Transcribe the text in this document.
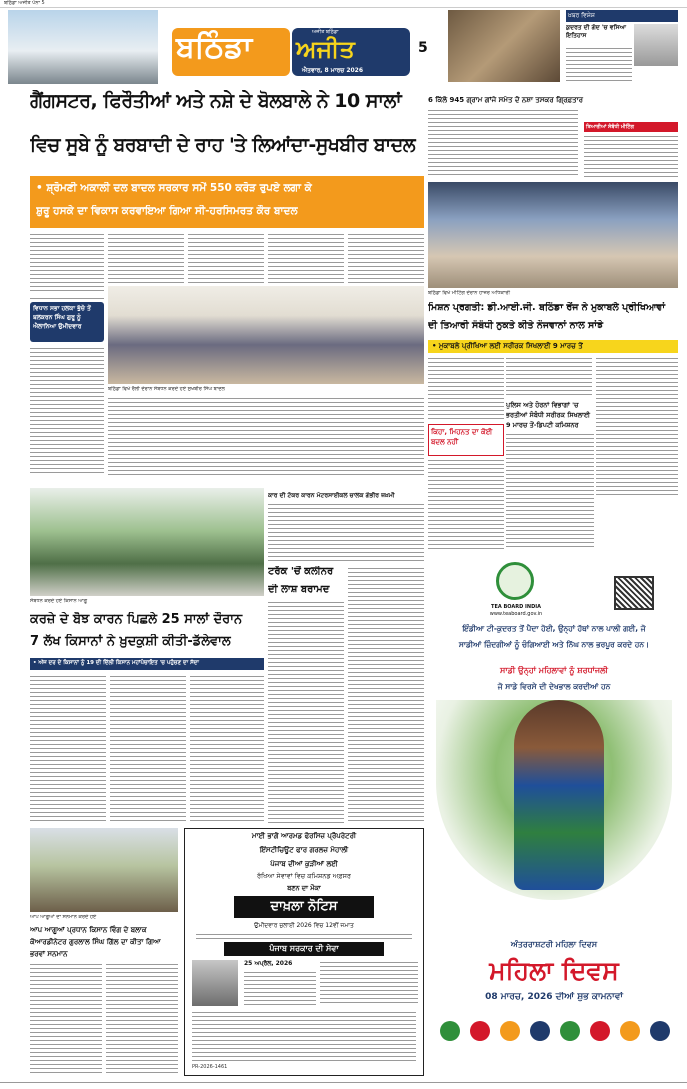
ਬਠਿੰਡਾ ਅਜੀਤ ਪੰਨਾ 5
ਬਠਿੰਡਾ	ਅਜੀਤ ਬਠਿੰਡਾ
ਅਜੀਤ
ਐਤਵਾਰ, 8 ਮਾਰਚ 2026
5
ਖ਼ਬਰ ਵਿਸ਼ੇਸ਼
ਕੁਦਰਤ ਦੀ ਗੋਦ 'ਚ ਵਸਿਆ ਇਤਿਹਾਸ
ਗੈਂਗਸਟਰ, ਫਿਰੌਤੀਆਂ ਅਤੇ ਨਸ਼ੇ ਦੇ ਬੋਲਬਾਲੇ ਨੇ 10 ਸਾਲਾਂ
ਵਿਚ ਸੂਬੇ ਨੂੰ ਬਰਬਾਦੀ ਦੇ ਰਾਹ 'ਤੇ ਲਿਆਂਦਾ-ਸੁਖਬੀਰ ਬਾਦਲ
• ਸ਼੍ਰੋਮਣੀ ਅਕਾਲੀ ਦਲ ਬਾਦਲ ਸਰਕਾਰ ਸਮੇਂ 550 ਕਰੋੜ ਰੁਪਏ ਲਗਾ ਕੇ
ਸ਼ੁਰੂ ਹਸਕੇ ਦਾ ਵਿਕਾਸ ਕਰਵਾਇਆ ਗਿਆ ਸੀ-ਹਰਸਿਮਰਤ ਕੌਰ ਬਾਦਲ
ਬਠਿੰਡਾ ਵਿਖੇ ਰੈਲੀ ਦੌਰਾਨ ਸੰਬੋਧਨ ਕਰਦੇ ਹੋਏ ਸੁਖਬੀਰ ਸਿੰਘ ਬਾਦਲ
ਵਿਧਾਨ ਸਭਾ ਹਲਕਾ ਭੁੱਚੋ ਤੋਂ ਬਲਕਰਨ ਸਿੰਘ ਗੁਰੂ ਨੂੰ ਐਲਾਨਿਆ ਉਮੀਦਵਾਰ
6 ਕਿੱਲੋ 945 ਗ੍ਰਾਮ ਗਾਂਜੇ ਸਮੇਤ ਦੋ ਨਸ਼ਾ ਤਸਕਰ ਗ੍ਰਿਫ਼ਤਾਰ
ਤਿਆਰੀਆਂ ਸੰਬੰਧੀ ਮੀਟਿੰਗ
ਬਠਿੰਡਾ ਵਿਖੇ ਮੀਟਿੰਗ ਦੌਰਾਨ ਹਾਜ਼ਰ ਅਧਿਕਾਰੀ
ਮਿਸ਼ਨ ਪ੍ਰਗਤੀ: ਡੀ.ਆਈ.ਜੀ. ਬਠਿੰਡਾ ਰੇਂਜ ਨੇ ਮੁਕਾਬਲੇ ਪ੍ਰੀਖਿਆਵਾਂ
ਦੀ ਤਿਆਰੀ ਸੰਬੰਧੀ ਨੁਕਤੇ ਕੀਤੇ ਨੌਜਵਾਨਾਂ ਨਾਲ ਸਾਂਝੇ
• ਮੁਕਾਬਲੇ ਪ੍ਰੀਖਿਆ ਲਈ ਸਰੀਰਕ ਸਿਖਲਾਈ 9 ਮਾਰਚ ਤੋਂ
ਕਿਹਾ, ਮਿਹਨਤ ਦਾ ਕੋਈ ਬਦਲ ਨਹੀਂ
ਪੁਲਿਸ ਅਤੇ ਹੋਰਨਾਂ ਵਿਭਾਗਾਂ 'ਚ ਭਰਤੀਆਂ ਸੰਬੰਧੀ ਸਰੀਰਕ ਸਿਖਲਾਈ 9 ਮਾਰਚ ਤੋਂ-ਡਿਪਟੀ ਕਮਿਸ਼ਨਰ
ਸੰਬੋਧਨ ਕਰਦੇ ਹੋਏ ਕਿਸਾਨ ਆਗੂ
ਕਾਰ ਦੀ ਟੱਕਰ ਕਾਰਨ ਮੋਟਰਸਾਈਕਲ ਚਾਲਕ ਗੰਭੀਰ ਜ਼ਖ਼ਮੀ
ਟਰੱਕ 'ਚੋਂ ਕਲੀਨਰ
ਦੀ ਲਾਸ਼ ਬਰਾਮਦ
ਕਰਜ਼ੇ ਦੇ ਬੋਝ ਕਾਰਨ ਪਿਛਲੇ 25 ਸਾਲਾਂ ਦੌਰਾਨ
7 ਲੱਖ ਕਿਸਾਨਾਂ ਨੇ ਖ਼ੁਦਕੁਸ਼ੀ ਕੀਤੀ-ਡੱਲੇਵਾਲ
• ਅੱਜ ਦਰ ਦੇ ਕਿਸਾਨਾਂ ਨੂੰ 19 ਦੀ ਦਿੱਲੀ ਕਿਸਾਨ ਮਹਾਂਪੰਚਾਇਤ 'ਚ ਪਹੁੰਚਣ ਦਾ ਸੱਦਾ
ਆਪ ਆਗੂਆਂ ਦਾ ਸਨਮਾਨ ਕਰਦੇ ਹੋਏ
ਆਪ ਆਗੂਆਂ ਪ੍ਰਧਾਨ ਕਿਸਾਨ ਵਿੰਗ ਦੇ ਬਲਾਕ ਕੋਆਰਡੀਨੇਟਰ ਗੁਰਲਾਲ ਸਿੰਘ ਗਿੱਲ ਦਾ ਕੀਤਾ ਗਿਆ ਭਰਵਾਂ ਸਨਮਾਨ
ਮਾਈ ਭਾਗੋ ਆਰਮਡ ਫੋਰਸਿਜ਼ ਪ੍ਰੈਪਰੇਟਰੀ
ਇੰਸਟੀਚਿਊਟ ਫਾਰ ਗਰਲਜ਼ ਮੋਹਾਲੀ
ਪੰਜਾਬ ਦੀਆਂ ਕੁੜੀਆਂ ਲਈ
ਰੱਖਿਆ ਸੇਵਾਵਾਂ ਵਿਚ ਕਮਿਸ਼ਨਡ ਅਫ਼ਸਰ
ਬਣਨ ਦਾ ਮੌਕਾ
ਦਾਖ਼ਲਾ ਨੋਟਿਸ
ਉਮੀਦਵਾਰ ਜੁਲਾਈ 2026 ਵਿਚ 12ਵੀਂ ਜਮਾਤ
ਪੰਜਾਬ ਸਰਕਾਰ ਦੀ ਸੇਵਾ
25 ਅਪ੍ਰੈਲ, 2026
PR-2026-1461
TEA BOARD INDIA
www.teaboard.gov.in
ਇੰਡੀਆ ਟੀ-ਕੁਦਰਤ ਤੋਂ ਪੈਦਾ ਹੋਈ, ਉਨ੍ਹਾਂ ਹੱਥਾਂ ਨਾਲ ਪਾਲੀ ਗਈ, ਜੋ
ਸਾਡੀਆਂ ਜ਼ਿੰਦਗੀਆਂ ਨੂੰ ਚੰਗਿਆਈ ਅਤੇ ਨਿੱਘ ਨਾਲ ਭਰਪੂਰ ਕਰਦੇ ਹਨ।
ਸਾਡੀ ਉਨ੍ਹਾਂ ਮਹਿਲਾਵਾਂ ਨੂੰ ਸ਼ਰਧਾਂਜਲੀ
ਜੋ ਸਾਡੇ ਵਿਰਸੇ ਦੀ ਦੇਖਭਾਲ ਕਰਦੀਆਂ ਹਨ
ਅੰਤਰਰਾਸ਼ਟਰੀ ਮਹਿਲਾ ਦਿਵਸ
ਮਹਿਲਾ ਦਿਵਸ
08 ਮਾਰਚ, 2026 ਦੀਆਂ ਸ਼ੁਭ ਕਾਮਨਾਵਾਂ
